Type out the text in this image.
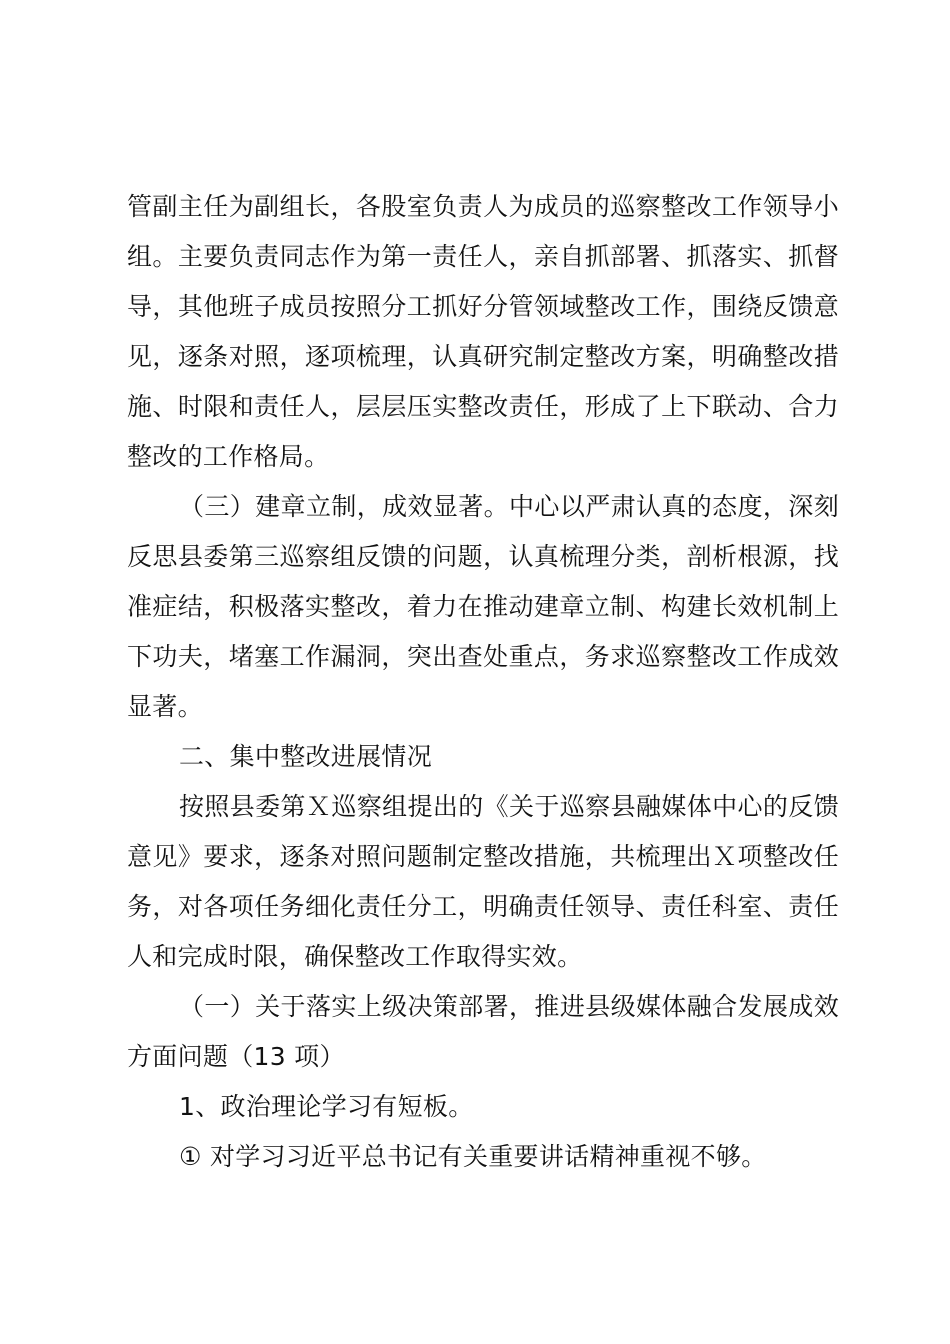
管副主任为副组长，各股室负责人为成员的巡察整改工作领导小组。主要负责同志作为第一责任人，亲自抓部署、抓落实、抓督导，其他班子成员按照分工抓好分管领域整改工作，围绕反馈意见，逐条对照，逐项梳理，认真研究制定整改方案，明确整改措施、时限和责任人，层层压实整改责任，形成了上下联动、合力整改的工作格局。

（三）建章立制，成效显著。中心以严肃认真的态度，深刻反思县委第三巡察组反馈的问题，认真梳理分类，剖析根源，找准症结，积极落实整改，着力在推动建章立制、构建长效机制上下功夫，堵塞工作漏洞，突出查处重点，务求巡察整改工作成效显著。

二、集中整改进展情况

按照县委第Ｘ巡察组提出的《关于巡察县融媒体中心的反馈意见》要求，逐条对照问题制定整改措施，共梳理出Ｘ项整改任务，对各项任务细化责任分工，明确责任领导、责任科室、责任人和完成时限，确保整改工作取得实效。

（一）关于落实上级决策部署，推进县级媒体融合发展成效方面问题（13 项）

1、政治理论学习有短板。

① 对学习习近平总书记有关重要讲话精神重视不够。
